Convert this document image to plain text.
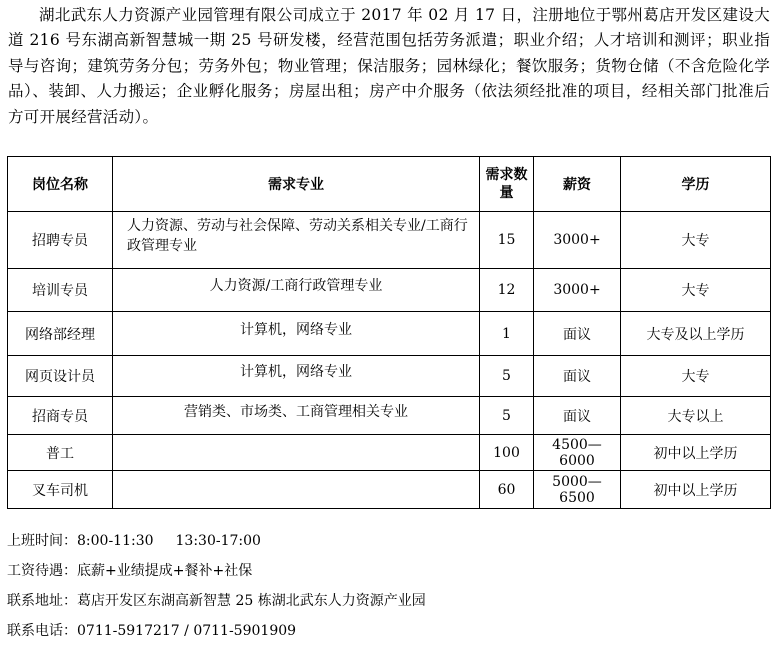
湖北武东人力资源产业园管理有限公司成立于 2017 年 02 月 17 日，注册地位于鄂州葛店开发区建设大道 216 号东湖高新智慧城一期 25 号研发楼，经营范围包括劳务派遣；职业介绍；人才培训和测评；职业指导与咨询；建筑劳务分包；劳务外包；物业管理；保洁服务；园林绿化；餐饮服务；货物仓储（不含危险化学品）、装卸、人力搬运；企业孵化服务；房屋出租；房产中介服务（依法须经批准的项目，经相关部门批准后方可开展经营活动）。

岗位名称	需求专业	需求数量	薪资	学历
招聘专员	人力资源、劳动与社会保障、劳动关系相关专业/工商行政管理专业	15	3000+	大专
培训专员	人力资源/工商行政管理专业	12	3000+	大专
网络部经理	计算机，网络专业	1	面议	大专及以上学历
网页设计员	计算机，网络专业	5	面议	大专
招商专员	营销类、市场类、工商管理相关专业	5	面议	大专以上
普工		100	4500—6000	初中以上学历
叉车司机		60	5000—6500	初中以上学历

上班时间：8:00-11:30 13:30-17:00

工资待遇：底薪+业绩提成+餐补+社保

联系地址：葛店开发区东湖高新智慧 25 栋湖北武东人力资源产业园

联系电话：0711-5917217 / 0711-5901909
